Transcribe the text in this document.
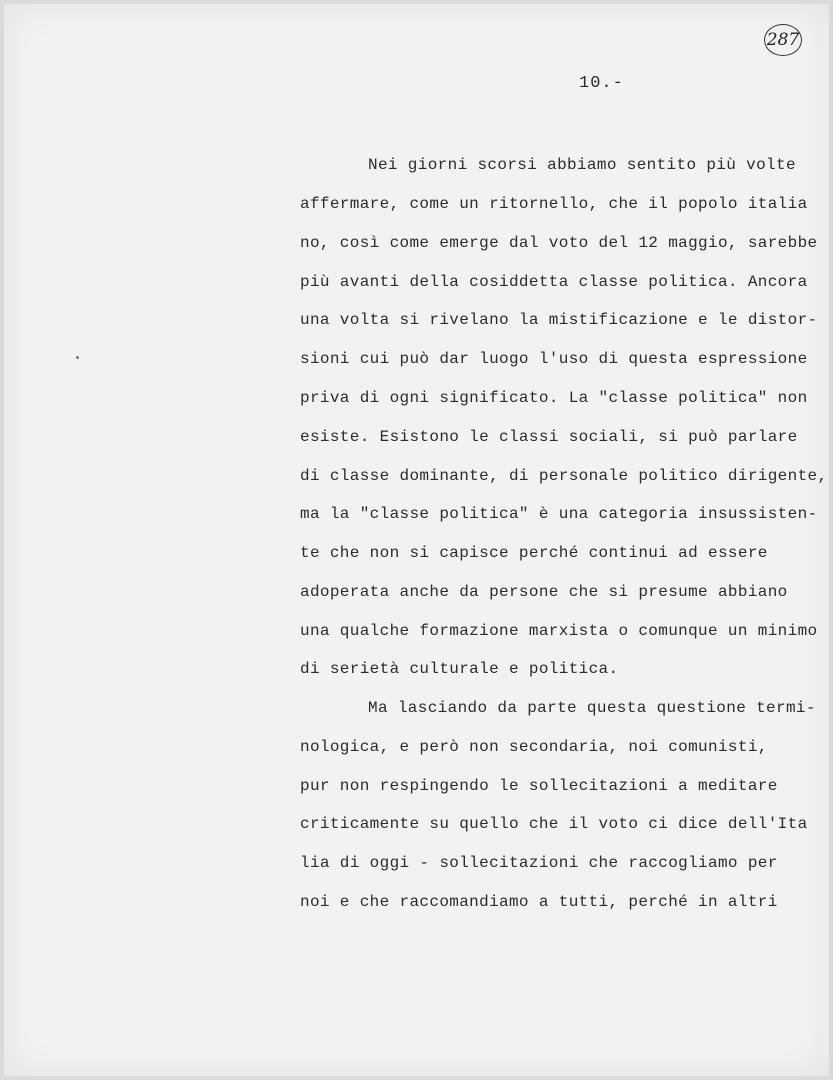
287
10.-
Nei giorni scorsi abbiamo sentito più volte
affermare, come un ritornello, che il popolo italia
no, così come emerge dal voto del 12 maggio, sarebbe
più avanti della cosiddetta classe politica. Ancora
una volta si rivelano la mistificazione e le distor-
sioni cui può dar luogo l'uso di questa espressione
priva di ogni significato. La "classe politica" non
esiste. Esistono le classi sociali, si può parlare
di classe dominante, di personale politico dirigente,
ma la "classe politica" è una categoria insussisten-
te che non si capisce perché continui ad essere
adoperata anche da persone che si presume abbiano
una qualche formazione marxista o comunque un minimo
di serietà culturale e politica.
Ma lasciando da parte questa questione termi-
nologica, e però non secondaria, noi comunisti,
pur non respingendo le sollecitazioni a meditare
criticamente su quello che il voto ci dice dell'Ita
lia di oggi - sollecitazioni che raccogliamo per
noi e che raccomandiamo a tutti, perché in altri
